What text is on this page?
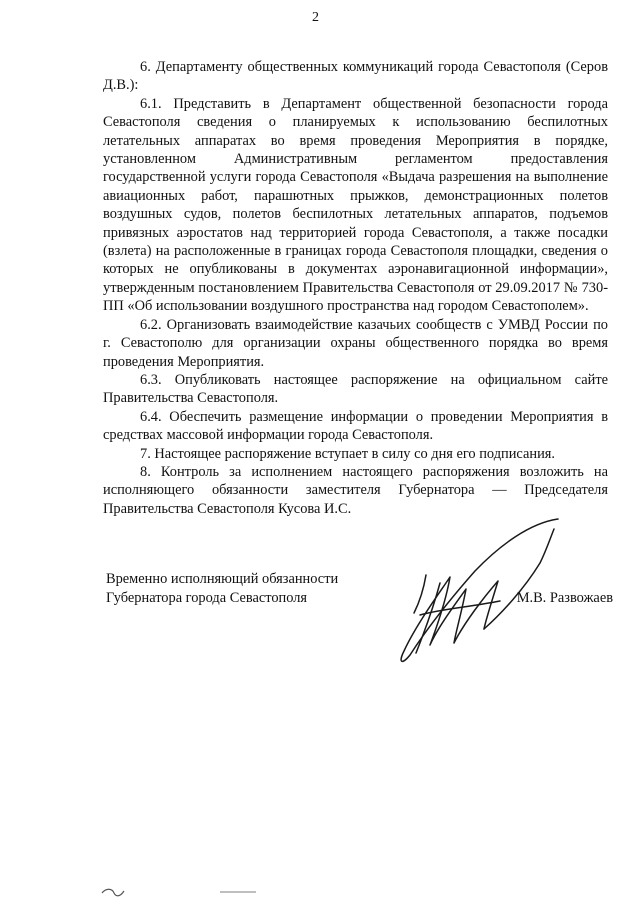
2

6. Департаменту общественных коммуникаций города Севастополя (Серов Д.В.):

6.1. Представить в Департамент общественной безопасности города Севастополя сведения о планируемых к использованию беспилотных летательных аппаратах во время проведения Мероприятия в порядке, установленном Административным регламентом предоставления государственной услуги города Севастополя «Выдача разрешения на выполнение авиационных работ, парашютных прыжков, демонстрационных полетов воздушных судов, полетов беспилотных летательных аппаратов, подъемов привязных аэростатов над территорией города Севастополя, а также посадки (взлета) на расположенные в границах города Севастополя площадки, сведения о которых не опубликованы в документах аэронавигационной информации», утвержденным постановлением Правительства Севастополя от 29.09.2017 № 730-ПП «Об использовании воздушного пространства над городом Севастополем».

6.2. Организовать взаимодействие казачьих сообществ с УМВД России по г. Севастополю для организации охраны общественного порядка во время проведения Мероприятия.

6.3. Опубликовать настоящее распоряжение на официальном сайте Правительства Севастополя.

6.4. Обеспечить размещение информации о проведении Мероприятия в средствах массовой информации города Севастополя.

7. Настоящее распоряжение вступает в силу со дня его подписания.

8. Контроль за исполнением настоящего распоряжения возложить на исполняющего обязанности заместителя Губернатора — Председателя Правительства Севастополя Кусова И.С.

Временно исполняющий обязанности
Губернатора города Севастополя	М.В. Развожаев
